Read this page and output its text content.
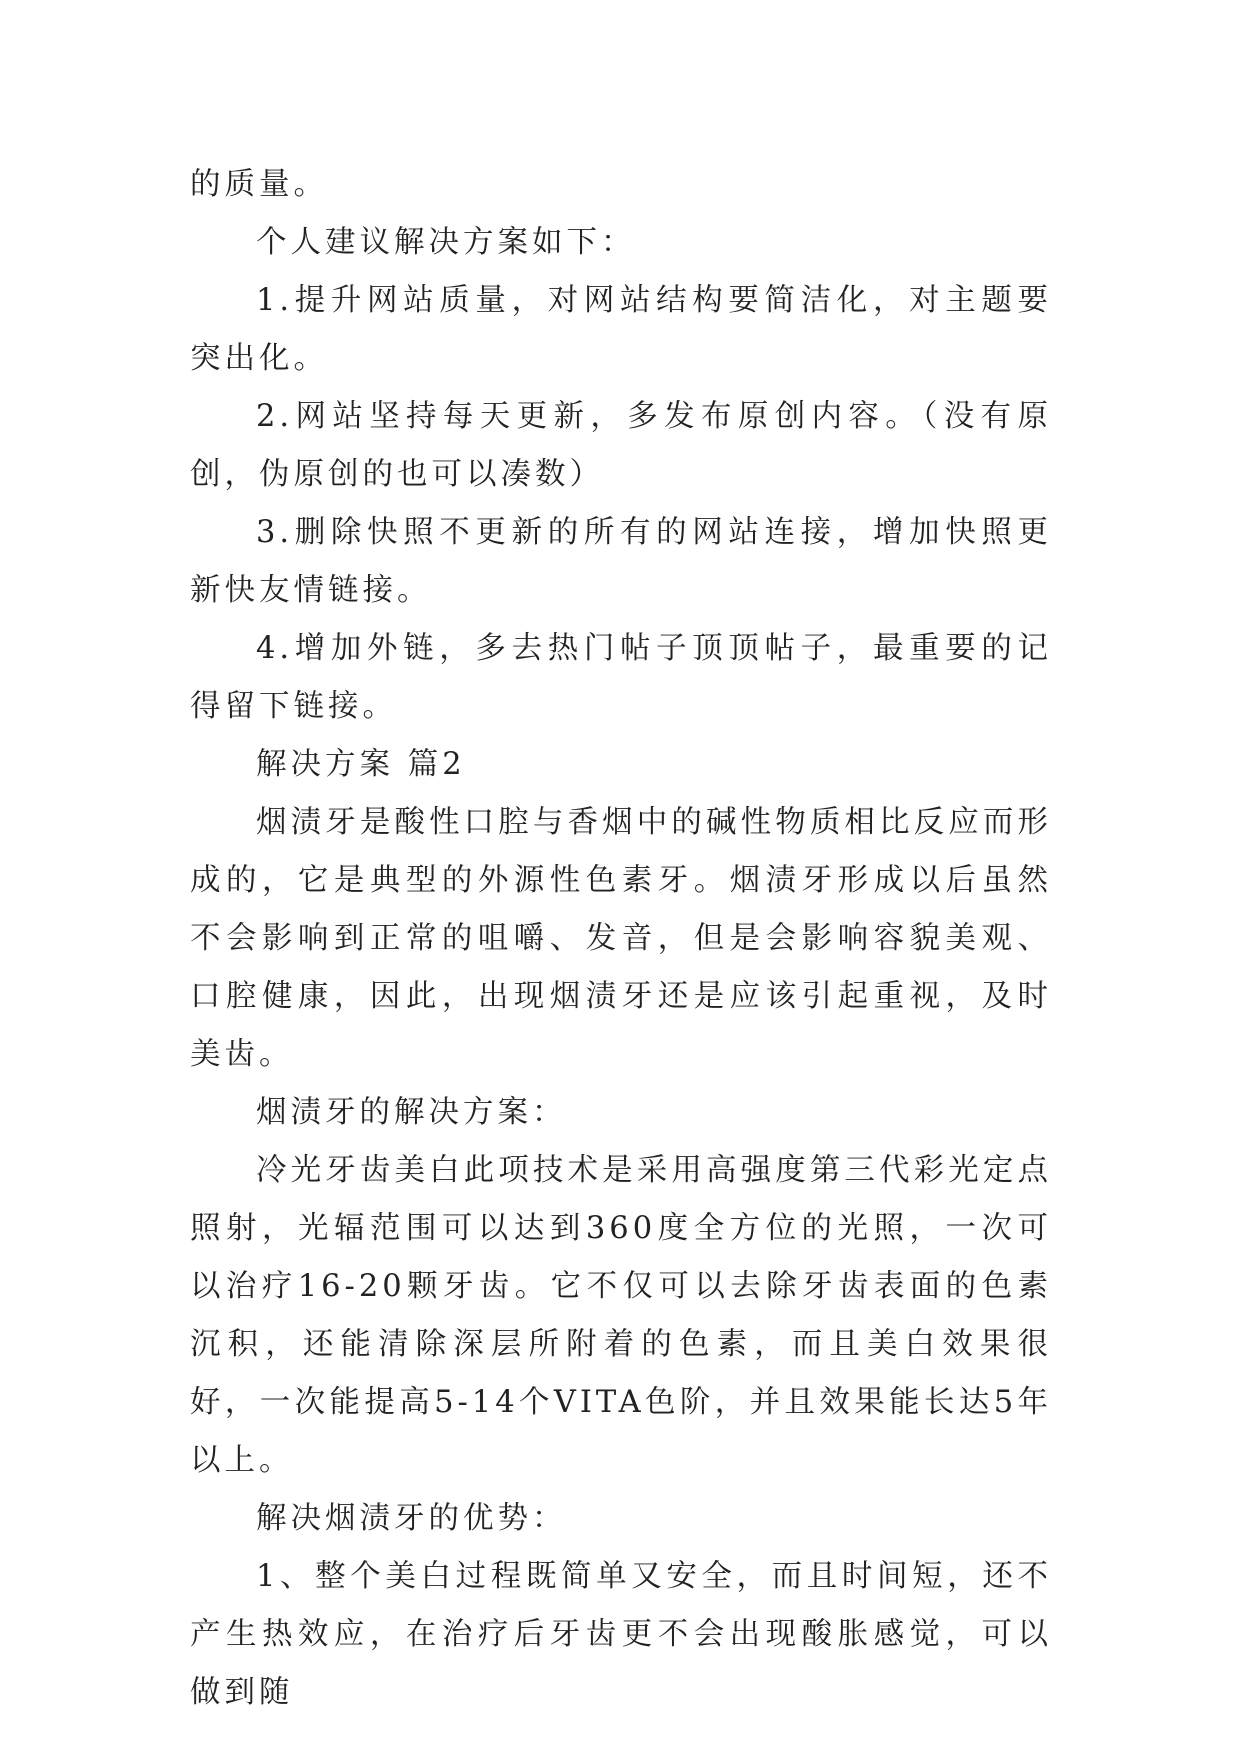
的质量。

个人建议解决方案如下：

1.提升网站质量，对网站结构要简洁化，对主题要突出化。

2.网站坚持每天更新，多发布原创内容。（没有原创，伪原创的也可以凑数）

3.删除快照不更新的所有的网站连接，增加快照更新快友情链接。

4.增加外链，多去热门帖子顶顶帖子，最重要的记得留下链接。

解决方案 篇2

烟渍牙是酸性口腔与香烟中的碱性物质相比反应而形成的，它是典型的外源性色素牙。烟渍牙形成以后虽然不会影响到正常的咀嚼、发音，但是会影响容貌美观、口腔健康，因此，出现烟渍牙还是应该引起重视，及时美齿。

烟渍牙的解决方案：

冷光牙齿美白此项技术是采用高强度第三代彩光定点照射，光辐范围可以达到360度全方位的光照，一次可以治疗16-20颗牙齿。它不仅可以去除牙齿表面的色素沉积，还能清除深层所附着的色素，而且美白效果很好，一次能提高5-14个VITA色阶，并且效果能长达5年以上。

解决烟渍牙的优势：

1、整个美白过程既简单又安全，而且时间短，还不产生热效应，在治疗后牙齿更不会出现酸胀感觉，可以做到随
